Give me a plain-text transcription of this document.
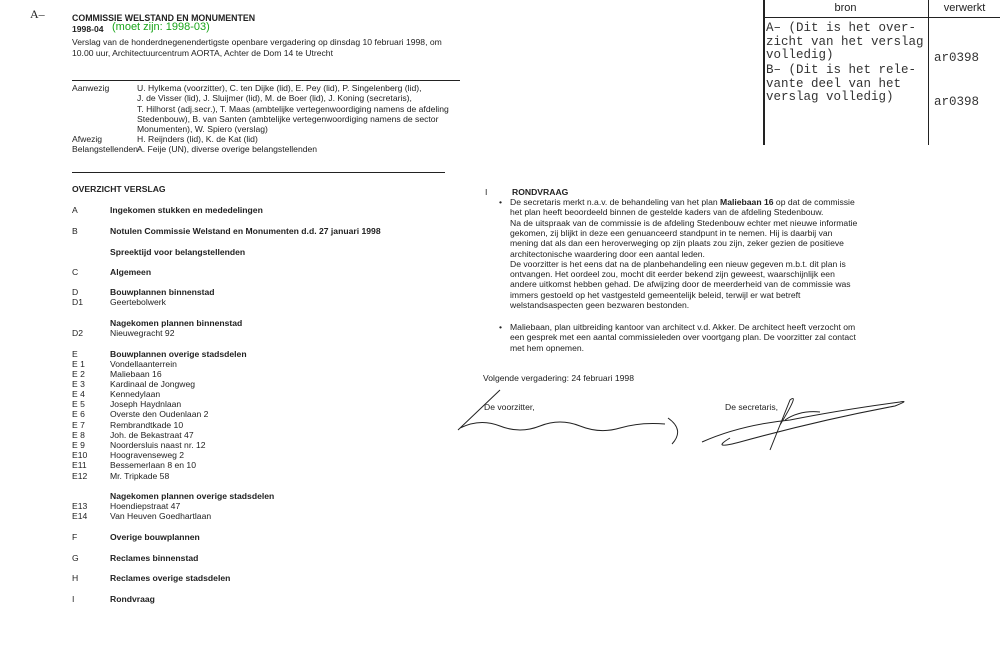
A–	COMMISSIE WELSTAND EN MONUMENTEN
1998-04 (moet zijn: 1998-03)
Verslag van de honderdnegenendertigste openbare vergadering op dinsdag 10 februari 1998, om
10.00 uur, Architectuurcentrum AORTA, Achter de Dom 14 te Utrecht
Aanwezig	U. Hylkema (voorzitter), C. ten Dijke (lid), E. Pey (lid), P. Singelenberg (lid),
J. de Visser (lid), J. Sluijmer (lid), M. de Boer (lid), J. Koning (secretaris),
T. Hilhorst (adj.secr.), T. Maas (ambtelijke vertegenwoordiging namens de afdeling
Stedenbouw), B. van Santen (ambtelijke vertegenwoordiging namens de sector
Monumenten), W. Spiero (verslag)
Afwezig	H. Reijnders (lid), K. de Kat (lid)
Belangstellenden A. Feije (UN), diverse overige belangstellenden
OVERZICHT VERSLAG
A	Ingekomen stukken en mededelingen
B	Notulen Commissie Welstand en Monumenten d.d. 27 januari 1998
Spreektijd voor belangstellenden
C	Algemeen
D	Bouwplannen binnenstad
D1	Geertebolwerk
Nagekomen plannen binnenstad
D2	Nieuwegracht 92
E	Bouwplannen overige stadsdelen
E 1	Vondellaanterrein
E 2	Maliebaan 16
E 3	Kardinaal de Jongweg
E 4	Kennedylaan
E 5	Joseph Haydnlaan
E 6	Overste den Oudenlaan 2
E 7	Rembrandtkade 10
E 8	Joh. de Bekastraat 47
E 9	Noordersluis naast nr. 12
E10	Hoogravenseweg 2
E11	Bessemerlaan 8 en 10
E12	Mr. Tripkade 58
Nagekomen plannen overige stadsdelen
E13	Hoendiepstraat 47
E14	Van Heuven Goedhartlaan
F	Overige bouwplannen
G	Reclames binnenstad
H	Reclames overige stadsdelen
I	Rondvraag
I	RONDVRAAG
• De secretaris merkt n.a.v. de behandeling van het plan Maliebaan 16 op dat de commissie
het plan heeft beoordeeld binnen de gestelde kaders van de afdeling Stedenbouw.
Na de uitspraak van de commissie is de afdeling Stedenbouw echter met nieuwe informatie
gekomen, zij blijkt in deze een genuanceerd standpunt in te nemen. Hij is daarbij van
mening dat als dan een heroverweging op zijn plaats zou zijn, zeker gezien de positieve
architectonische waardering door een aantal leden.
De voorzitter is het eens dat na de planbehandeling een nieuw gegeven m.b.t. dit plan is
ontvangen. Het oordeel zou, mocht dit eerder bekend zijn geweest, waarschijnlijk een
andere uitkomst hebben gehad. De afwijzing door de meerderheid van de commissie was
immers gestoeld op het vastgesteld gemeentelijk beleid, terwijl er wat betreft
welstandsaspecten geen bezwaren bestonden.
• Maliebaan, plan uitbreiding kantoor van architect v.d. Akker. De architect heeft verzocht om
een gesprek met een aantal commissieleden over voortgang plan. De voorzitter zal contact
met hem opnemen.
Volgende vergadering: 24 februari 1998
De voorzitter,	De secretaris,
bron	verwerkt
A– (Dit is het over-
zicht van het verslag
volledig)	ar0398
B– (Dit is het rele-
vante deel van het
verslag volledig)	ar0398
